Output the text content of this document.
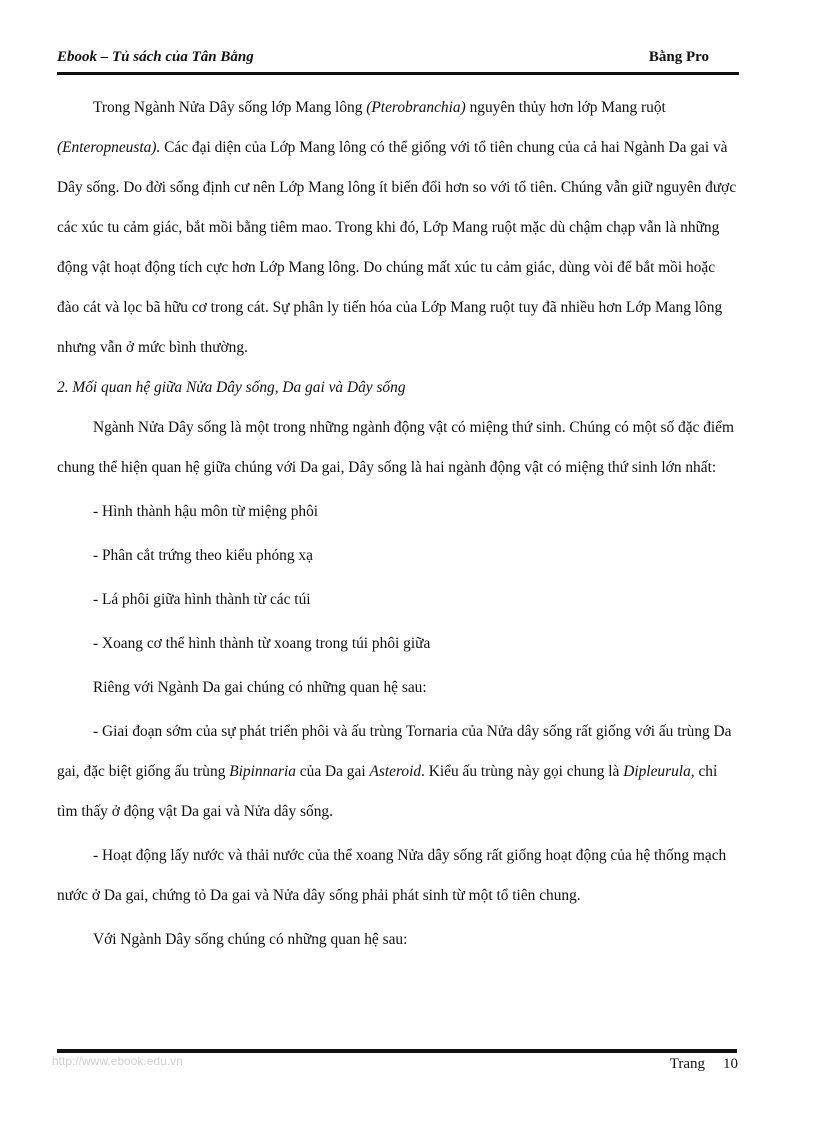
Ebook – Tủ sách của Tân Bằng	Bằng Pro

Trong Ngành Nửa Dây sống lớp Mang lông (Pterobranchia) nguyên thủy hơn lớp Mang ruột (Enteropneusta). Các đại diện của Lớp Mang lông có thể giống với tổ tiên chung của cả hai Ngành Da gai và Dây sống. Do đời sống định cư nên Lớp Mang lông ít biến đổi hơn so với tổ tiên. Chúng vẫn giữ nguyên được các xúc tu cảm giác, bắt mồi bằng tiêm mao. Trong khi đó, Lớp Mang ruột mặc dù chậm chạp vẫn là những động vật hoạt động tích cực hơn Lớp Mang lông. Do chúng mất xúc tu cảm giác, dùng vòi để bắt mồi hoặc đào cát và lọc bã hữu cơ trong cát. Sự phân ly tiến hóa của Lớp Mang ruột tuy đã nhiều hơn Lớp Mang lông nhưng vẫn ở mức bình thường.

2. Mối quan hệ giữa Nửa Dây sống, Da gai và Dây sống

Ngành Nửa Dây sống là một trong những ngành động vật có miệng thứ sinh. Chúng có một số đặc điểm chung thể hiện quan hệ giữa chúng với Da gai, Dây sống là hai ngành động vật có miệng thứ sinh lớn nhất:

- Hình thành hậu môn từ miệng phôi

- Phân cắt trứng theo kiểu phóng xạ

- Lá phôi giữa hình thành từ các túi

- Xoang cơ thể hình thành từ xoang trong túi phôi giữa

Riêng với Ngành Da gai chúng có những quan hệ sau:

- Giai đoạn sớm của sự phát triển phôi và ấu trùng Tornaria của Nửa dây sống rất giống với ấu trùng Da gai, đặc biệt giống ấu trùng Bipinnaria của Da gai Asteroid. Kiểu ấu trùng này gọi chung là Dipleurula, chỉ tìm thấy ở động vật Da gai và Nửa dây sống.

- Hoạt động lấy nước và thải nước của thể xoang Nửa dây sống rất giống hoạt động của hệ thống mạch nước ở Da gai, chứng tỏ Da gai và Nửa dây sống phải phát sinh từ một tổ tiên chung.

Với Ngành Dây sống chúng có những quan hệ sau:

http://www.ebook.edu.vn	Trang 10
